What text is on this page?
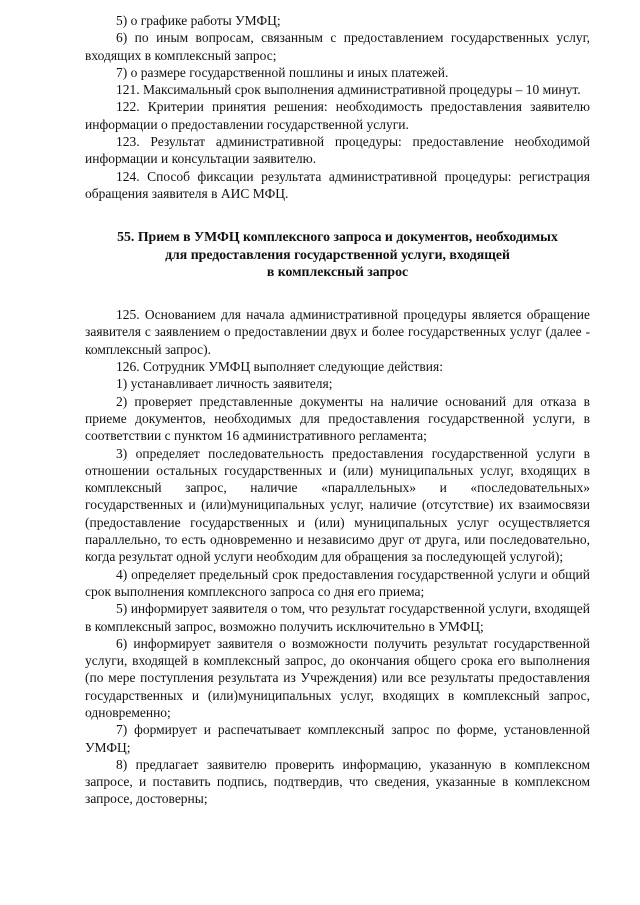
5) о графике работы УМФЦ;

6) по иным вопросам, связанным с предоставлением государственных услуг, входящих в комплексный запрос;

7) о размере государственной пошлины и иных платежей.

121. Максимальный срок выполнения административной процедуры – 10 минут.

122. Критерии принятия решения: необходимость предоставления заявителю информации о предоставлении государственной услуги.

123. Результат административной процедуры: предоставление необходимой информации и консультации заявителю.

124. Способ фиксации результата административной процедуры: регистрация обращения заявителя в АИС МФЦ.

55. Прием в УМФЦ комплексного запроса и документов, необходимых
для предоставления государственной услуги, входящей
в комплексный запрос

125. Основанием для начала административной процедуры является обращение заявителя с заявлением о предоставлении двух и более государственных услуг (далее - комплексный запрос).

126. Сотрудник УМФЦ выполняет следующие действия:

1) устанавливает личность заявителя;

2) проверяет представленные документы на наличие оснований для отказа в приеме документов, необходимых для предоставления государственной услуги, в соответствии с пунктом 16 административного регламента;

3) определяет последовательность предоставления государственной услуги в отношении остальных государственных и (или) муниципальных услуг, входящих в комплексный запрос, наличие «параллельных» и «последовательных» государственных и (или)муниципальных услуг, наличие (отсутствие) их взаимосвязи (предоставление государственных и (или) муниципальных услуг осуществляется параллельно, то есть одновременно и независимо друг от друга, или последовательно, когда результат одной услуги необходим для обращения за последующей услугой);

4) определяет предельный срок предоставления государственной услуги и общий срок выполнения комплексного запроса со дня его приема;

5) информирует заявителя о том, что результат государственной услуги, входящей в комплексный запрос, возможно получить исключительно в УМФЦ;

6) информирует заявителя о возможности получить результат государственной услуги, входящей в комплексный запрос, до окончания общего срока его выполнения (по мере поступления результата из Учреждения) или все результаты предоставления государственных и (или)муниципальных услуг, входящих в комплексный запрос, одновременно;

7) формирует и распечатывает комплексный запрос по форме, установленной УМФЦ;

8) предлагает заявителю проверить информацию, указанную в комплексном запросе, и поставить подпись, подтвердив, что сведения, указанные в комплексном запросе, достоверны;
